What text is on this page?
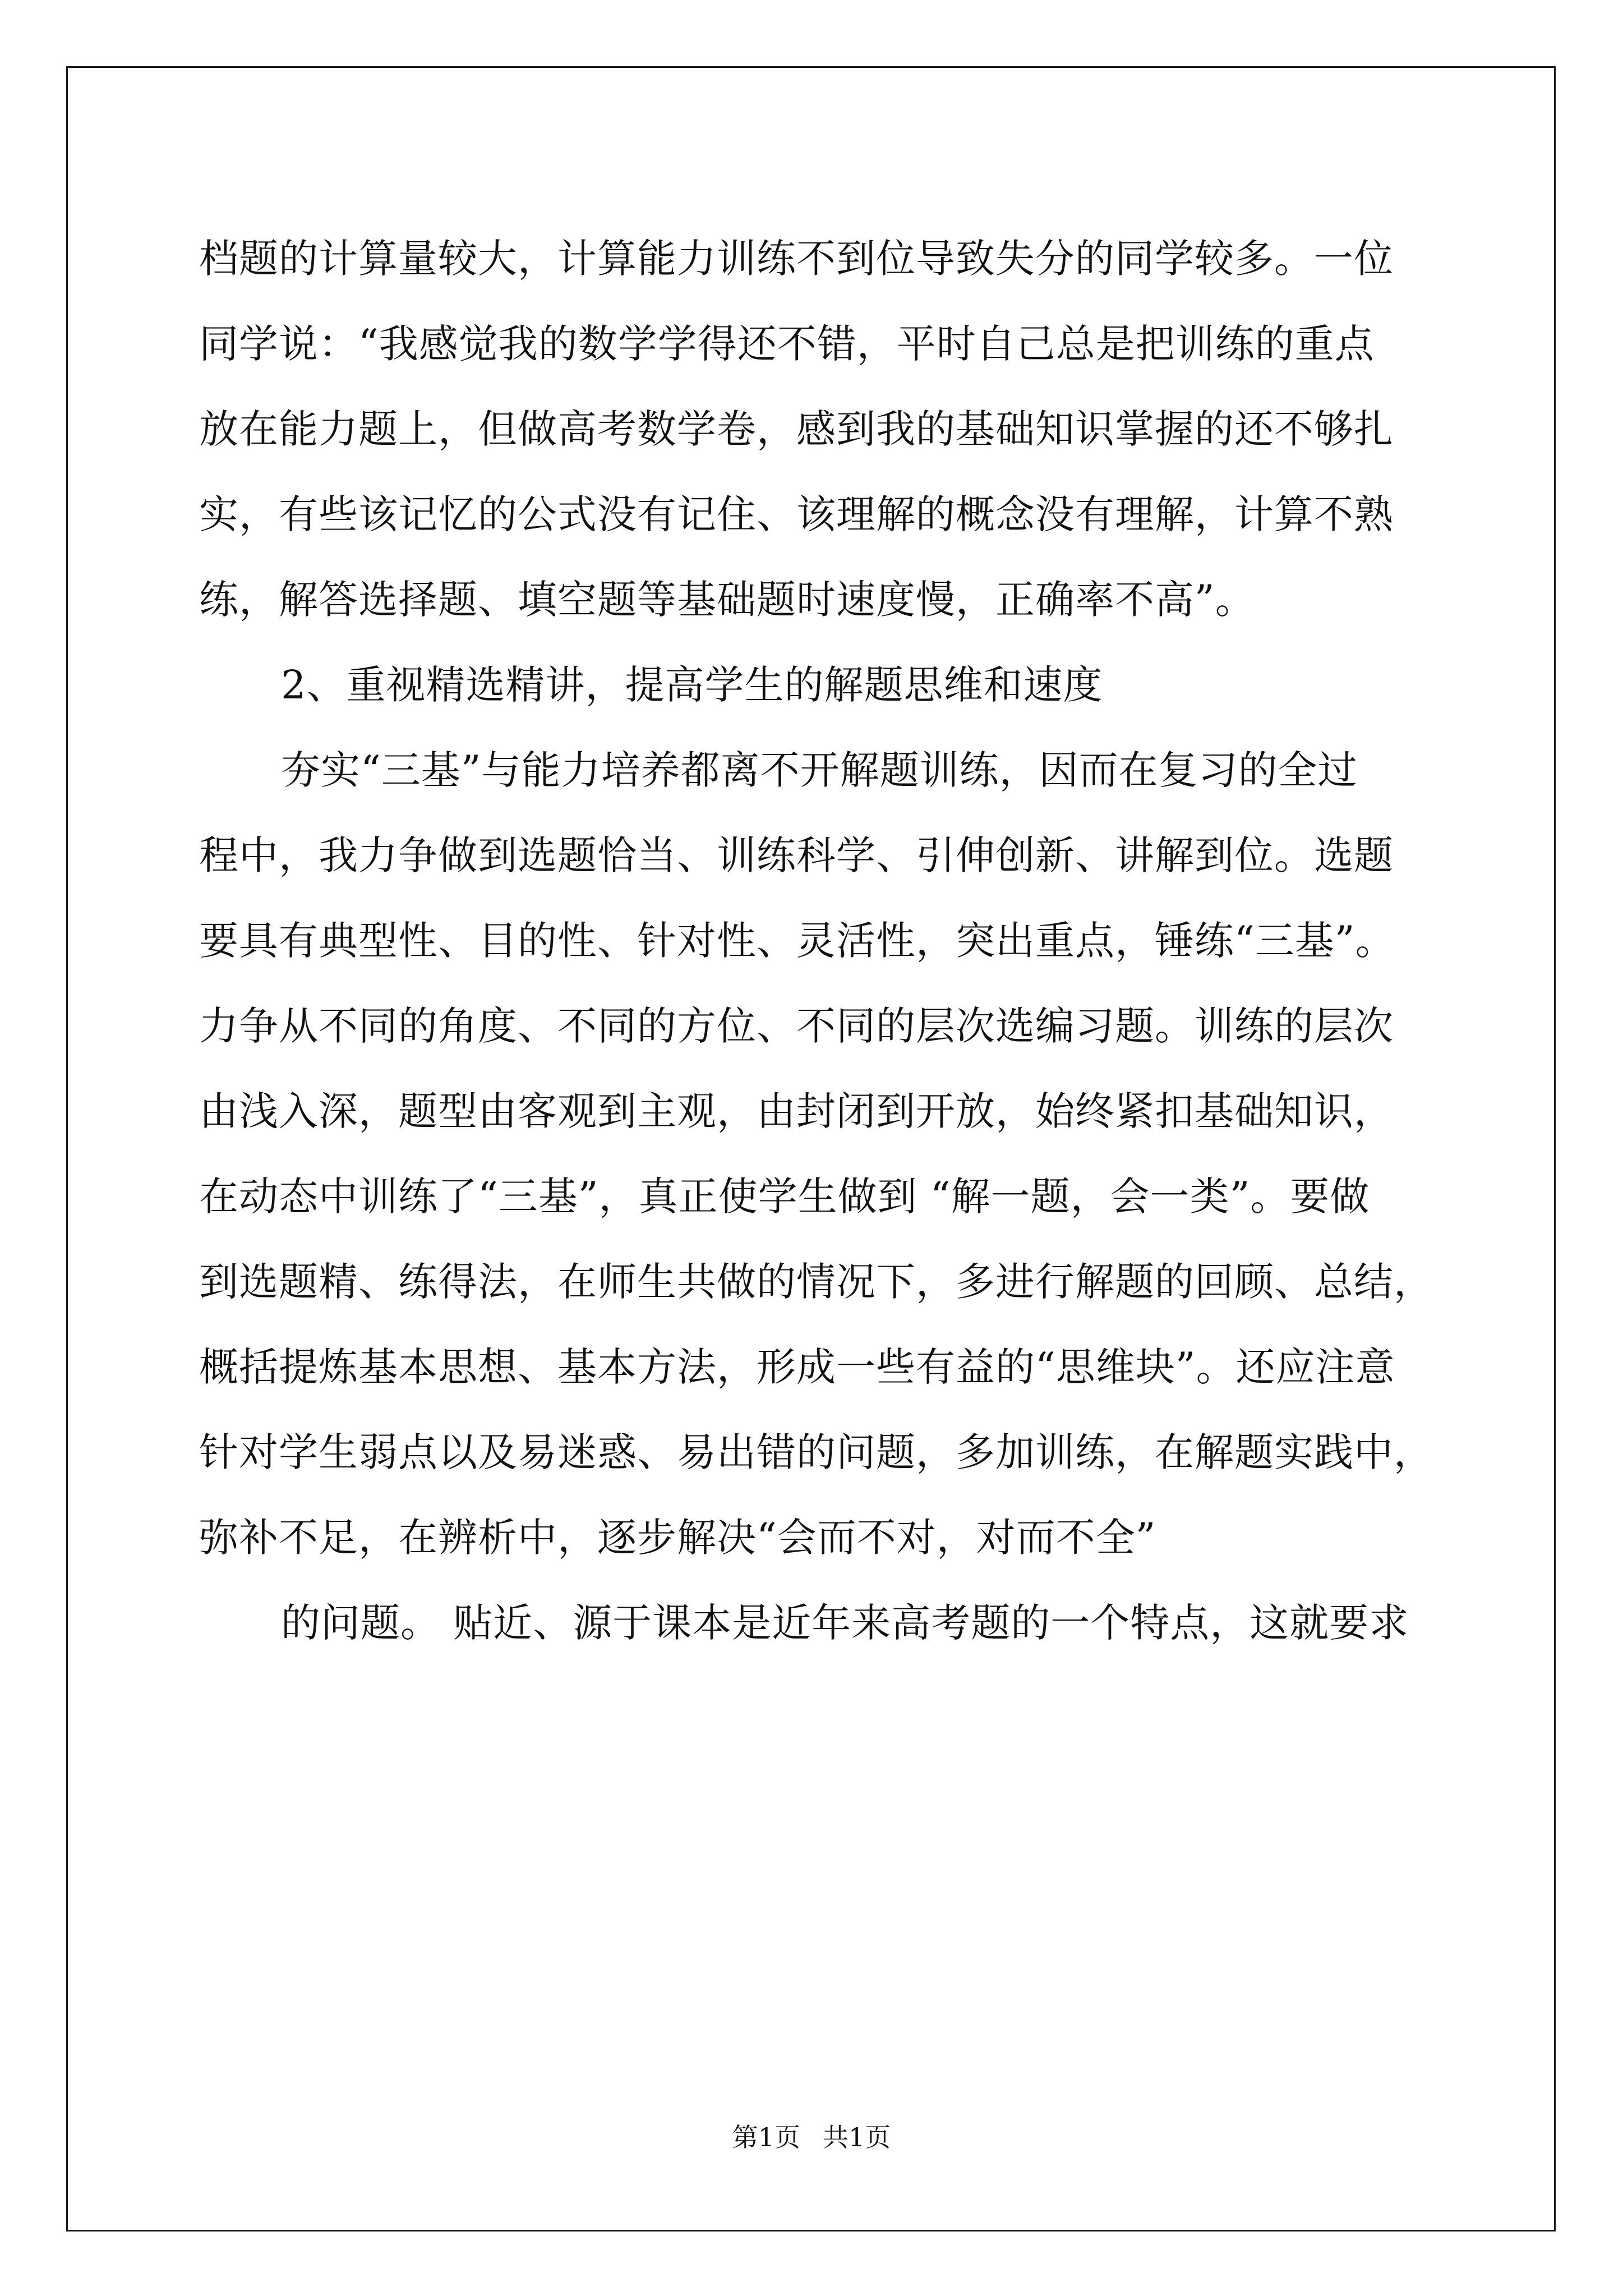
档题的计算量较大，计算能力训练不到位导致失分的同学较多。一位
同学说：“我感觉我的数学学得还不错，平时自己总是把训练的重点
放在能力题上，但做高考数学卷，感到我的基础知识掌握的还不够扎
实，有些该记忆的公式没有记住、该理解的概念没有理解，计算不熟
练，解答选择题、填空题等基础题时速度慢，正确率不高”。
2、重视精选精讲，提高学生的解题思维和速度
夯实“三基”与能力培养都离不开解题训练，因而在复习的全过
程中，我力争做到选题恰当、训练科学、引伸创新、讲解到位。选题
要具有典型性、目的性、针对性、灵活性，突出重点，锤练“三基”。
力争从不同的角度、不同的方位、不同的层次选编习题。训练的层次
由浅入深，题型由客观到主观，由封闭到开放，始终紧扣基础知识，
在动态中训练了“三基”，真正使学生做到 “解一题，会一类”。要做
到选题精、练得法，在师生共做的情况下，多进行解题的回顾、总结，
概括提炼基本思想、基本方法，形成一些有益的“思维块”。还应注意
针对学生弱点以及易迷惑、易出错的问题，多加训练，在解题实践中，
弥补不足，在辨析中，逐步解决“会而不对，对而不全”
的问题。 贴近、源于课本是近年来高考题的一个特点，这就要求
第1页 共1页
